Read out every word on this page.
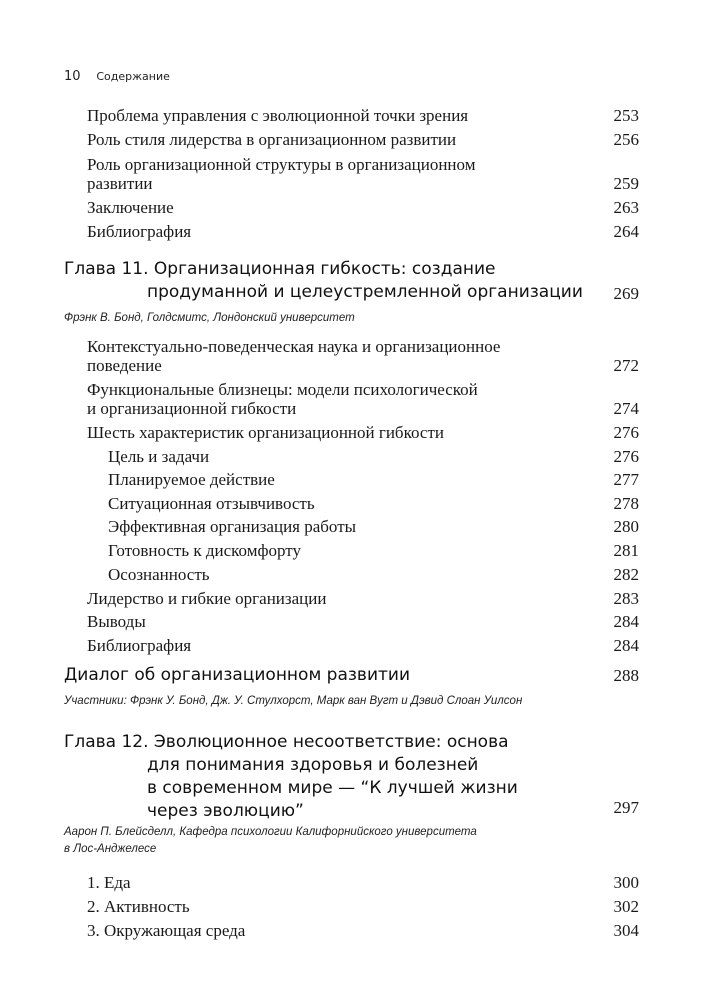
10 Содержание
Проблема управления с эволюционной точки зрения	253
Роль стиля лидерства в организационном развитии	256
Роль организационной структуры в организационном
развитии	259
Заключение	263
Библиография	264
Глава 11. Организационная гибкость: создание
продуманной и целеустремленной организации 269
Фрэнк В. Бонд, Голдсмитс, Лондонский университет
Контекстуально-поведенческая наука и организационное
поведение	272
Функциональные близнецы: модели психологической
и организационной гибкости	274
Шесть характеристик организационной гибкости	276
Цель и задачи	276
Планируемое действие	277
Ситуационная отзывчивость	278
Эффективная организация работы	280
Готовность к дискомфорту	281
Осознанность	282
Лидерство и гибкие организации	283
Выводы	284
Библиография	284
Диалог об организационном развитии	288
Участники: Фрэнк У. Бонд, Дж. У. Стулхорст, Марк ван Вугт и Дэвид Слоан Уилсон
Глава 12. Эволюционное несоответствие: основа
для понимания здоровья и болезней
в современном мире — “К лучшей жизни
через эволюцию”	297
Аарон П. Блейсделл, Кафедра психологии Калифорнийского университета
в Лос-Анджелесе
1. Еда	300
2. Активность	302
3. Окружающая среда	304
